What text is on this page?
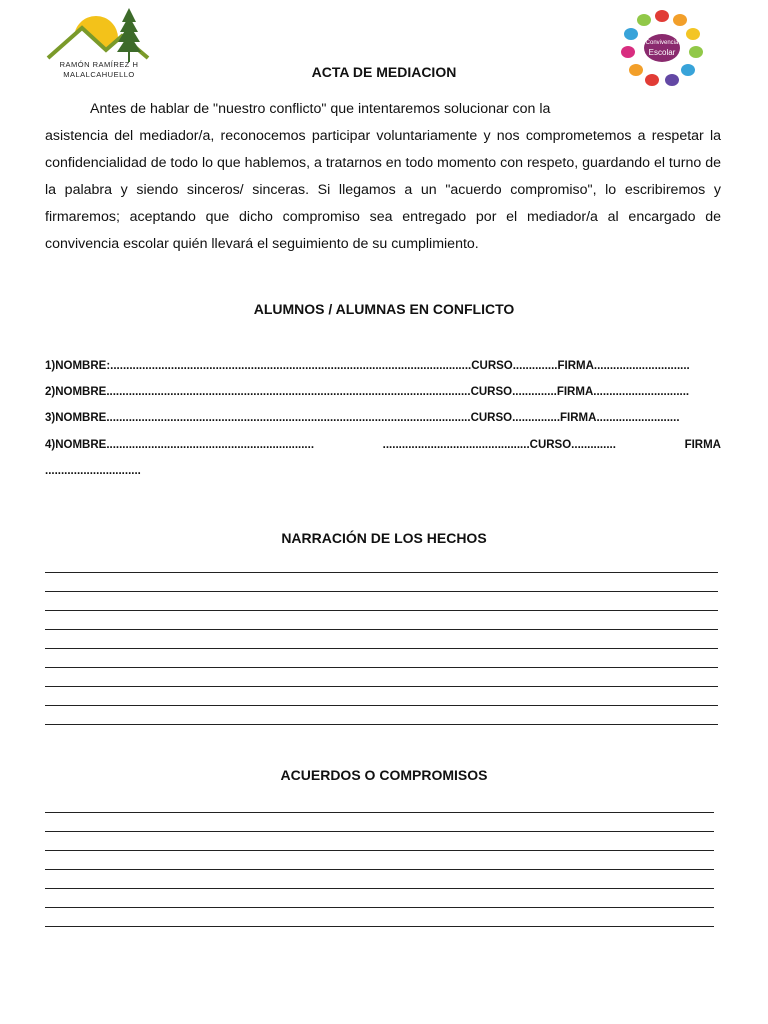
RAMÓN RAMÍREZ H
MALALCAHUELLO
Convivencia
Escolar
ACTA DE MEDIACION

Antes de hablar de "nuestro conflicto" que intentaremos solucionar con la

asistencia del mediador/a, reconocemos participar voluntariamente y nos comprometemos a respetar la confidencialidad de todo lo que hablemos, a tratarnos en todo momento con respeto, guardando el turno de la palabra y siendo sinceros/ sinceras. Si llegamos a un "acuerdo compromiso", lo escribiremos y firmaremos; aceptando que dicho compromiso sea entregado por el mediador/a al encargado de convivencia escolar quién llevará el seguimiento de su cumplimiento.

ALUMNOS / ALUMNAS EN CONFLICTO
1)NOMBRE:.................................................................................................................CURSO..............FIRMA..............................
2)NOMBRE..................................................................................................................CURSO..............FIRMA..............................
3)NOMBRE..................................................................................................................CURSO...............FIRMA..........................
4)NOMBRE.................................................................	..............................................CURSO..............	FIRMA
..............................
NARRACIÓN DE LOS HECHOS
ACUERDOS O COMPROMISOS
